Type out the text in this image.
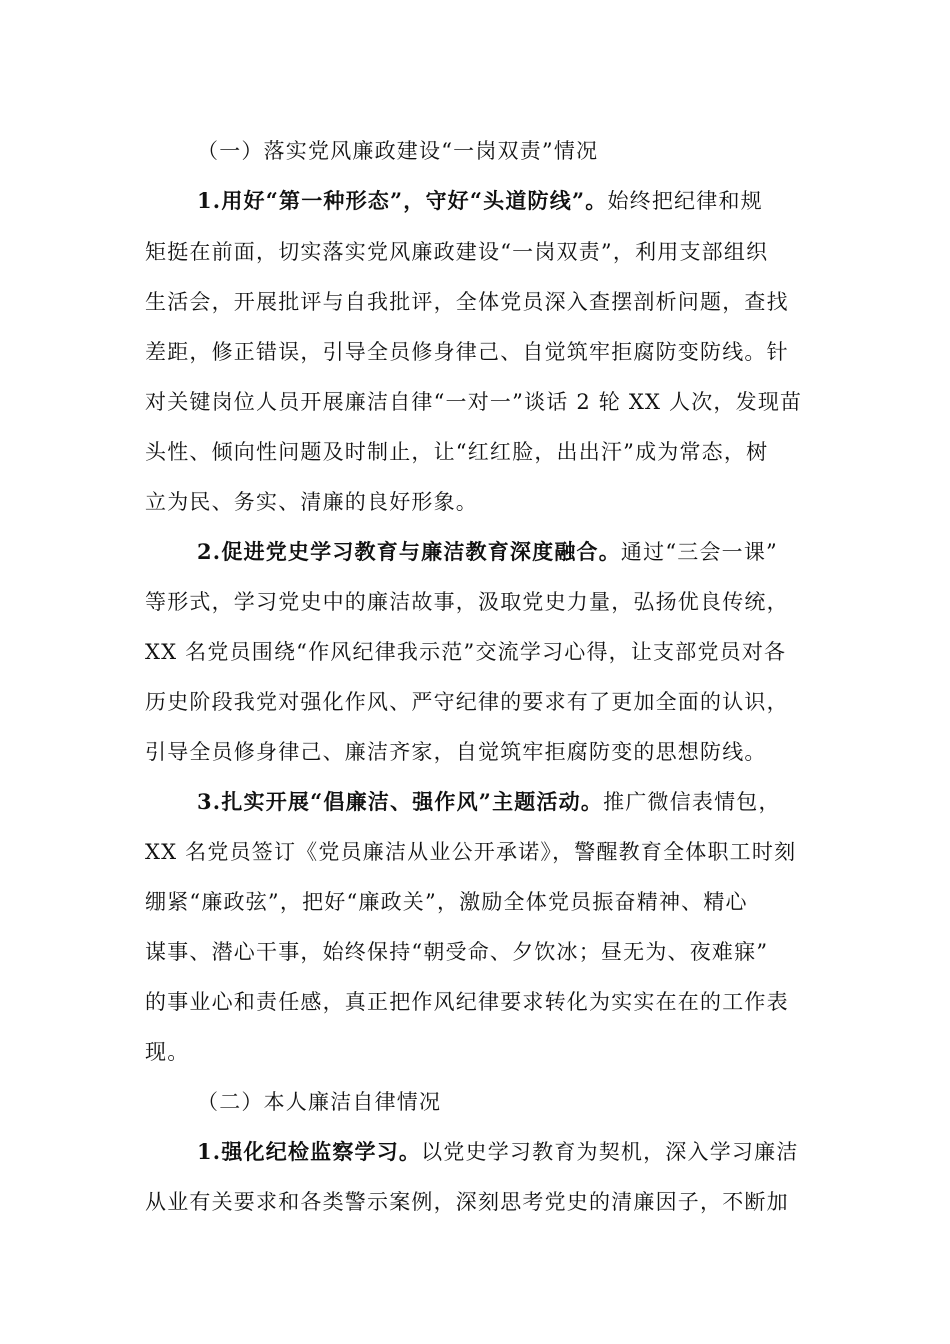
（一）落实党风廉政建设“一岗双责”情况
1.用好“第一种形态”，守好“头道防线”。始终把纪律和规
矩挺在前面，切实落实党风廉政建设“一岗双责”，利用支部组织
生活会，开展批评与自我批评，全体党员深入查摆剖析问题，查找
差距，修正错误，引导全员修身律己、自觉筑牢拒腐防变防线。针
对关键岗位人员开展廉洁自律“一对一”谈话 2 轮 XX 人次，发现苗
头性、倾向性问题及时制止，让“红红脸，出出汗”成为常态，树
立为民、务实、清廉的良好形象。
2.促进党史学习教育与廉洁教育深度融合。通过“三会一课”
等形式，学习党史中的廉洁故事，汲取党史力量，弘扬优良传统，
XX 名党员围绕“作风纪律我示范”交流学习心得，让支部党员对各
历史阶段我党对强化作风、严守纪律的要求有了更加全面的认识，
引导全员修身律己、廉洁齐家，自觉筑牢拒腐防变的思想防线。
3.扎实开展“倡廉洁、强作风”主题活动。推广微信表情包，
XX 名党员签订《党员廉洁从业公开承诺》，警醒教育全体职工时刻
绷紧“廉政弦”，把好“廉政关”，激励全体党员振奋精神、精心
谋事、潜心干事，始终保持“朝受命、夕饮冰；昼无为、夜难寐”
的事业心和责任感，真正把作风纪律要求转化为实实在在的工作表
现。
（二）本人廉洁自律情况
1.强化纪检监察学习。以党史学习教育为契机，深入学习廉洁
从业有关要求和各类警示案例，深刻思考党史的清廉因子，不断加
